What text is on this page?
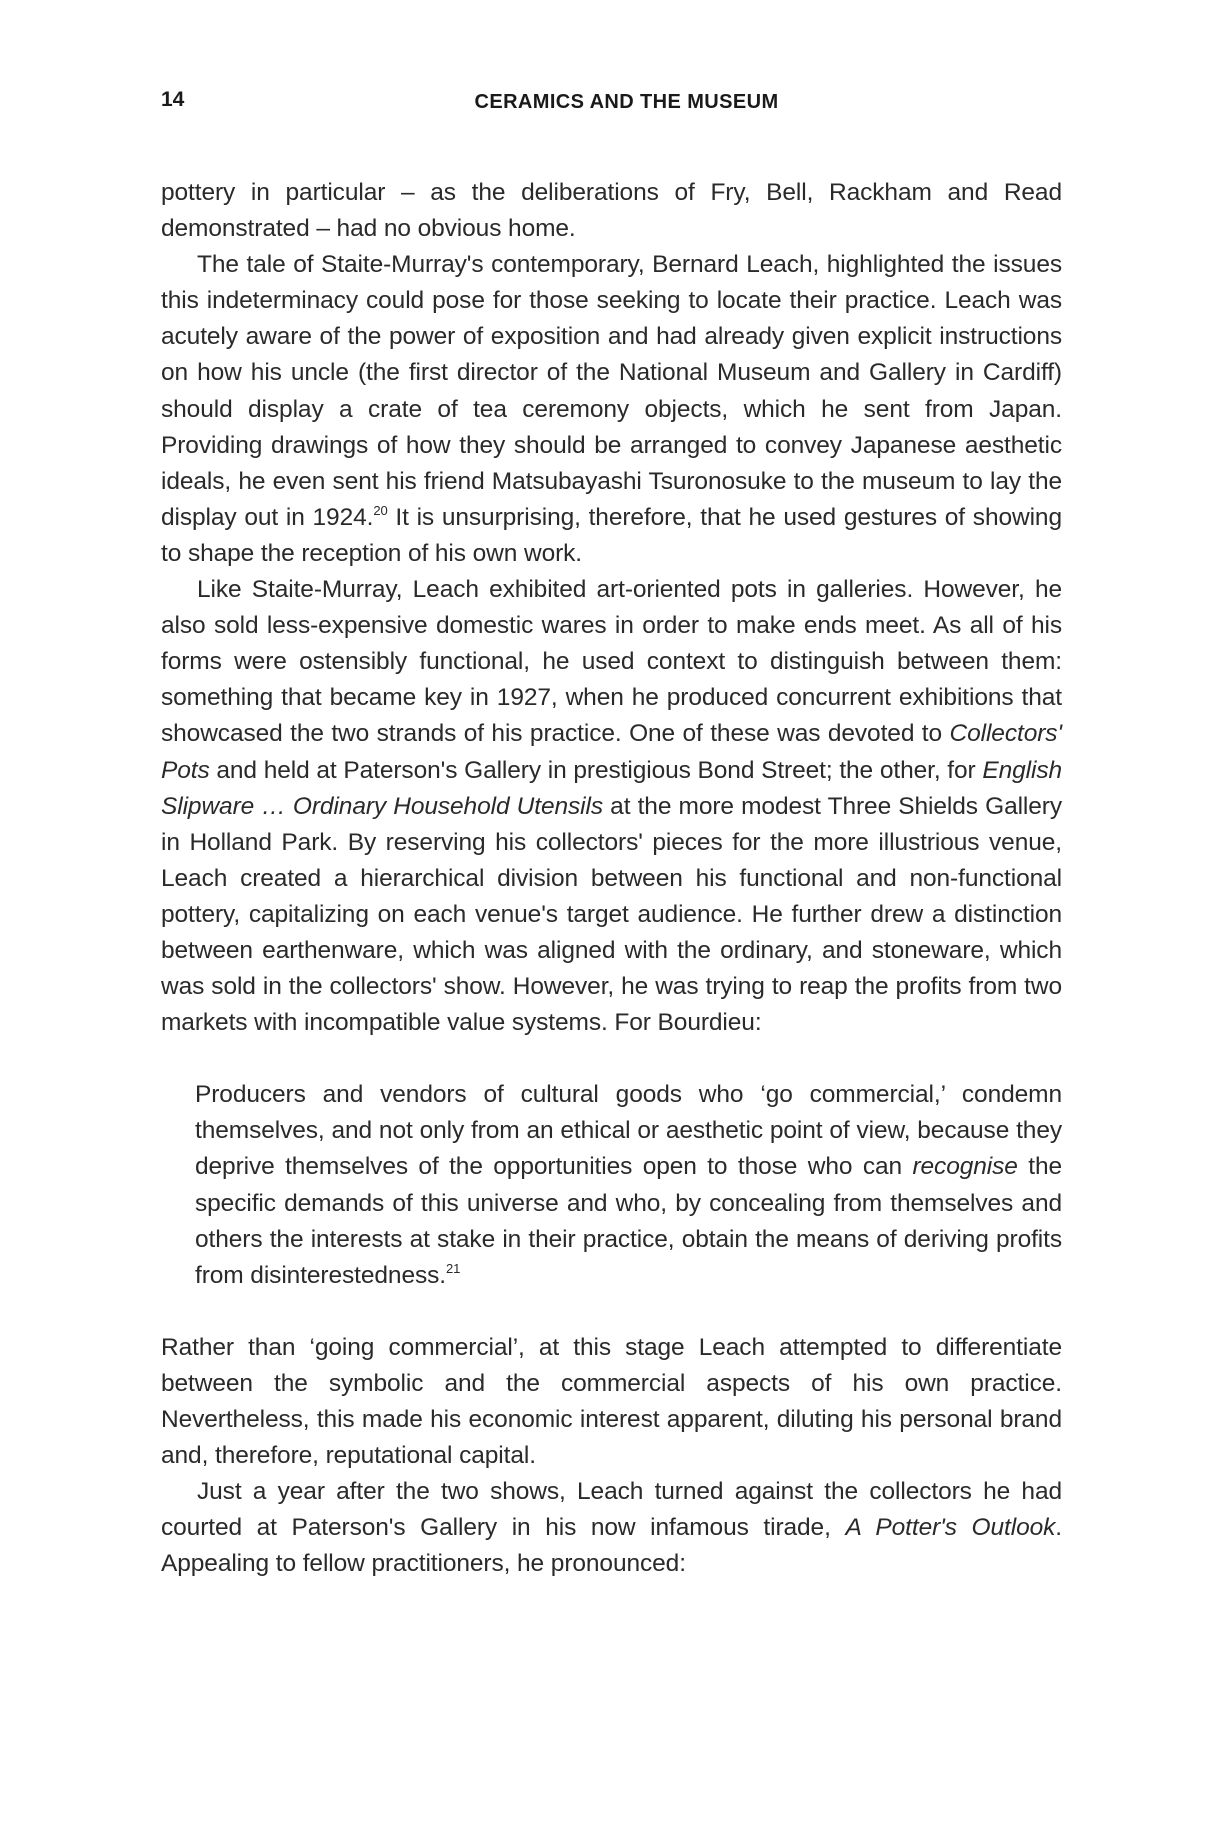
14	CERAMICS AND THE MUSEUM

pottery in particular – as the deliberations of Fry, Bell, Rackham and Read demonstrated – had no obvious home.

The tale of Staite-Murray's contemporary, Bernard Leach, highlighted the issues this indeterminacy could pose for those seeking to locate their practice. Leach was acutely aware of the power of exposition and had already given explicit instructions on how his uncle (the first director of the National Museum and Gallery in Cardiff) should display a crate of tea ceremony objects, which he sent from Japan. Providing drawings of how they should be arranged to convey Japanese aesthetic ideals, he even sent his friend Matsubayashi Tsuronosuke to the museum to lay the display out in 1924.20 It is unsurprising, therefore, that he used gestures of showing to shape the reception of his own work.

Like Staite-Murray, Leach exhibited art-oriented pots in galleries. However, he also sold less-expensive domestic wares in order to make ends meet. As all of his forms were ostensibly functional, he used context to distinguish between them: something that became key in 1927, when he produced concurrent exhibitions that showcased the two strands of his practice. One of these was devoted to Collectors' Pots and held at Paterson's Gallery in prestigious Bond Street; the other, for English Slipware … Ordinary Household Utensils at the more modest Three Shields Gallery in Holland Park. By reserving his collectors' pieces for the more illustrious venue, Leach created a hierarchical division between his functional and non-functional pottery, capitalizing on each venue's target audience. He further drew a distinction between earthenware, which was aligned with the ordinary, and stoneware, which was sold in the collectors' show. However, he was trying to reap the profits from two markets with incompatible value systems. For Bourdieu:

Producers and vendors of cultural goods who ‘go commercial,’ condemn themselves, and not only from an ethical or aesthetic point of view, because they deprive themselves of the opportunities open to those who can recognise the specific demands of this universe and who, by concealing from themselves and others the interests at stake in their practice, obtain the means of deriving profits from disinterestedness.$^{21}$

Rather than ‘going commercial’, at this stage Leach attempted to differentiate between the symbolic and the commercial aspects of his own practice. Nevertheless, this made his economic interest apparent, diluting his personal brand and, therefore, reputational capital.

Just a year after the two shows, Leach turned against the collectors he had courted at Paterson's Gallery in his now infamous tirade, A Potter's Outlook. Appealing to fellow practitioners, he pronounced:
